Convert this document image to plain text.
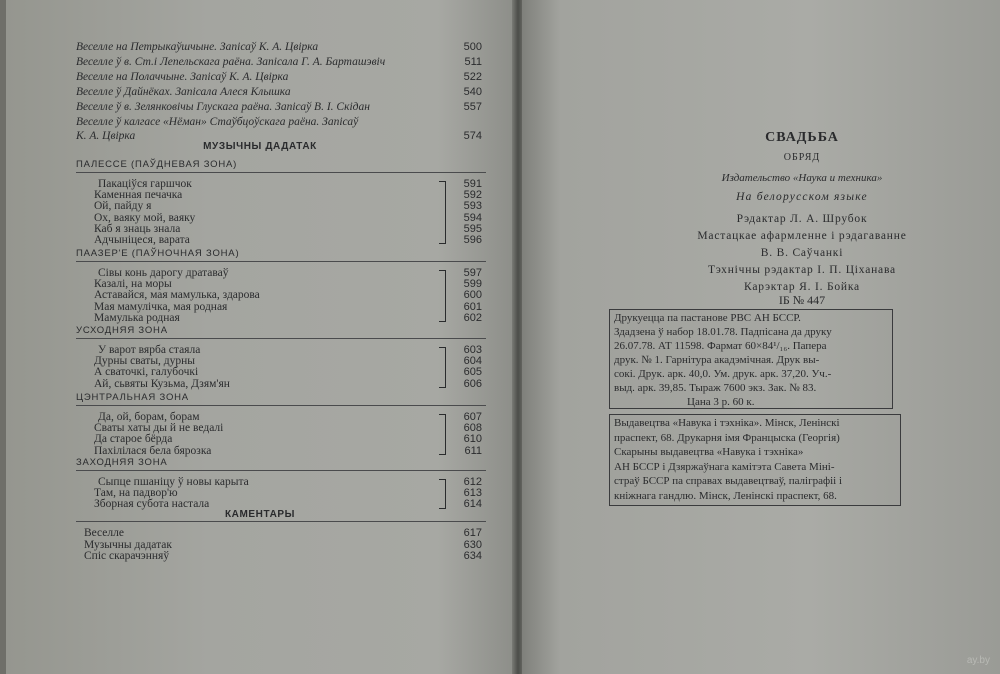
Веселле на Петрыкаўшчыне. Запісаў К. А. Цвірка	500
Веселле ў в. Ст.і Лепельскага раёна. Запісала Г. А. Барташэвіч	511
Веселле на Полаччыне. Запісаў К. А. Цвірка	522
Веселле ў Дайнёках. Запісала Алеся Клышка	540
Веселле ў в. Зелянковічы Глускага раёна. Запісаў В. І. Скідан	557
Веселле ў калгасе «Нёман» Стаўбцоўскага раёна. Запісаў
К. А. Цвірка	574
МУЗЫЧНЫ ДАДАТАК
ПАЛЕССЕ (ПАЎДНЕВАЯ ЗОНА)
Пакаціўся гаршчок	591
Каменная печачка	592
Ой, пайду я	593
Ох, ваяку мой, ваяку	594
Каб я знаць знала	595
Адчыніцеся, варата	596
ПААЗЕР'Е (ПАЎНОЧНАЯ ЗОНА)
Сівы конь дарогу дратаваў	597
Казалі, на моры	599
Аставайся, мая мамулька, здарова	600
Мая мамулічка, мая родная	601
Мамулька родная	602
УСХОДНЯЯ ЗОНА
У варот вярба стаяла	603
Дурны сваты, дурны	604
А сваточкі, галубочкі	605
Ай, сьвяты Кузьма, Дзям'ян	606
ЦЭНТРАЛЬНАЯ ЗОНА
Да, ой, борам, борам	607
Сваты хаты ды й не ведалі	608
Да старое бёрда	610
Пахілілася бела бярозка	611
ЗАХОДНЯЯ ЗОНА
Сыпце пшаніцу ў новы карыта	612
Там, на падвор'ю	613
Зборная субота настала	614
КАМЕНТАРЫ
Веселле	617
Музычны дадатак	630
Спіс скарачэнняў	634
СВАДЬБА
ОБРЯД
Издательство «Наука и техника»
На белорусском языке
Рэдактар Л. А. Шрубок
Мастацкае афармленне і рэдагаванне
В. В. Саўчанкі
Тэхнічны рэдактар І. П. Ціханава
Карэктар Я. І. Бойка
ІБ № 447
Друкуецца па пастанове РВС АН БССР.
Здадзена ў набор 18.01.78. Падпісана да друку
26.07.78. АТ 11598. Фармат 60×84¹/₁₆. Папера
друк. № 1. Гарнітура акадэмічная. Друк вы-
сокі. Друк. арк. 40,0. Ум. друк. арк. 37,20. Уч.-
выд. арк. 39,85. Тыраж 7600 экз. Зак. № 83.
Цана 3 р. 60 к.
Выдавецтва «Навука і тэхніка». Мінск, Ленінскі
праспект, 68. Друкарня імя Францыска (Георгія)
Скарыны выдавецтва «Навука і тэхніка»
АН БССР і Дзяржаўнага камітэта Савета Міні-
страў БССР па справах выдавецтваў, паліграфіі і
кніжнага гандлю. Мінск, Ленінскі праспект, 68.
ay.by
